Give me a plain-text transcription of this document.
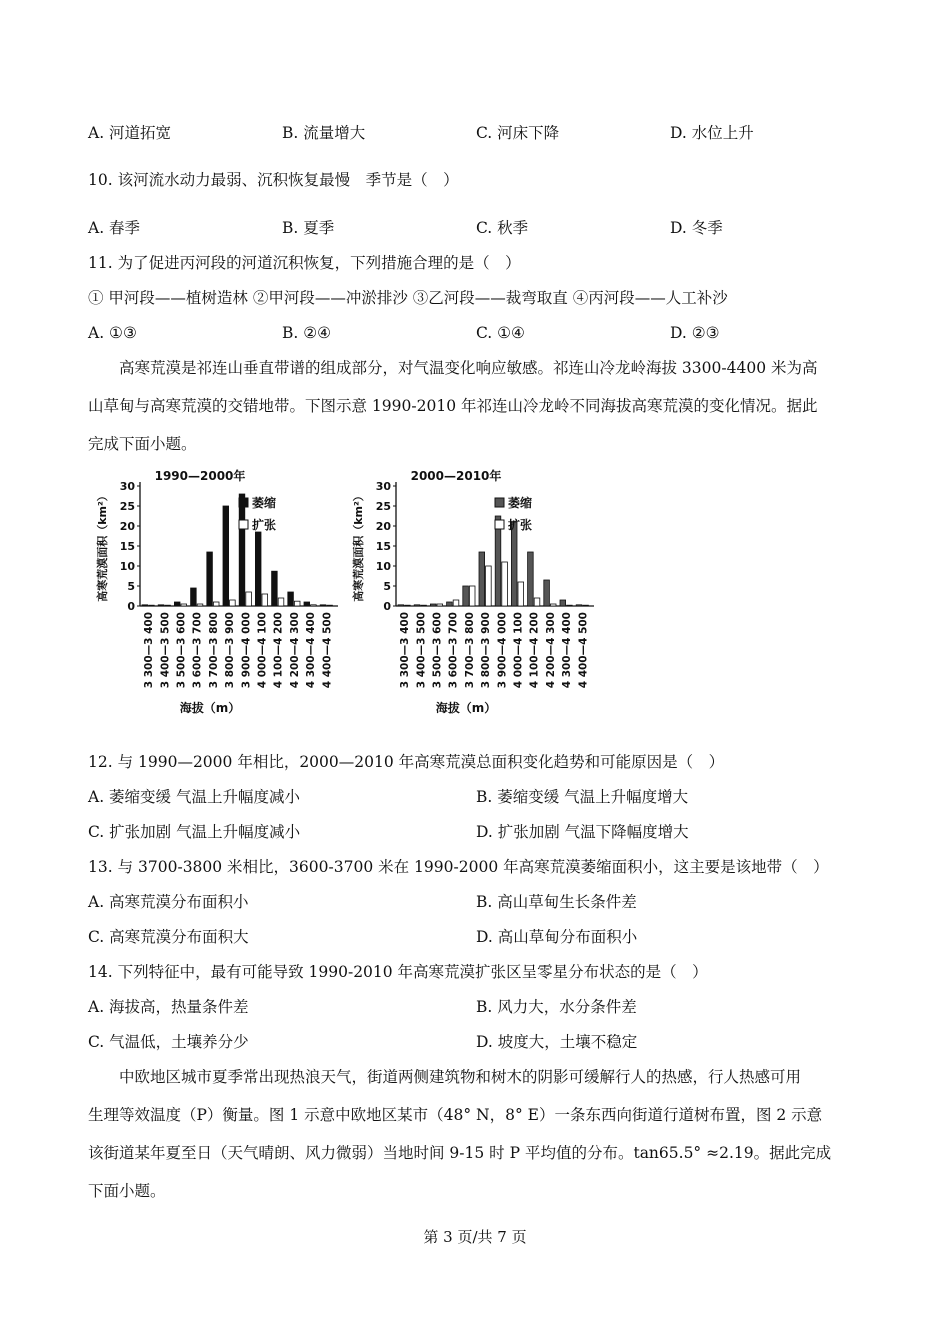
A. 河道拓宽	B. 流量增大	C. 河床下降	D. 水位上升
10. 该河流水动力最弱、沉积恢复最慢　季节是（　）
A. 春季	B. 夏季	C. 秋季	D. 冬季
11. 为了促进丙河段的河道沉积恢复，下列措施合理的是（　）
① 甲河段——植树造林 ②甲河段——冲淤排沙 ③乙河段——裁弯取直 ④丙河段——人工补沙
A. ①③	B. ②④	C. ①④	D. ②③
高寒荒漠是祁连山垂直带谱的组成部分，对气温变化响应敏感。祁连山冷龙岭海拔 3300-4400 米为高
山草甸与高寒荒漠的交错地带。下图示意 1990-2010 年祁连山冷龙岭不同海拔高寒荒漠的变化情况。据此
完成下面小题。
1990—2000年
高寒荒漠面积（km²）
0
5
10
15
20
25
30
3 300—3 400 3 400—3 500 3 500—3 600 3 600—3 700 3 700—3 800 3 800—3 900 3 900—4 000 4 000—4 100 4 100—4 200 4 200—4 300 4 300—4 400 4 400—4 500
萎缩
扩张
海拔（m）
2000—2010年
高寒荒漠面积（km²）
0
5
10
15
20
25
30
3 300—3 400 3 400—3 500 3 500—3 600 3 600—3 700 3 700—3 800 3 800—3 900 3 900—4 000 4 000—4 100 4 100—4 200 4 200—4 300 4 300—4 400 4 400—4 500
萎缩
扩张
海拔（m）
12. 与 1990—2000 年相比，2000—2010 年高寒荒漠总面积变化趋势和可能原因是（　）
A. 萎缩变缓 气温上升幅度减小	B. 萎缩变缓 气温上升幅度增大
C. 扩张加剧 气温上升幅度减小	D. 扩张加剧 气温下降幅度增大
13. 与 3700-3800 米相比，3600-3700 米在 1990-2000 年高寒荒漠萎缩面积小，这主要是该地带（　）
A. 高寒荒漠分布面积小	B. 高山草甸生长条件差
C. 高寒荒漠分布面积大	D. 高山草甸分布面积小
14. 下列特征中，最有可能导致 1990-2010 年高寒荒漠扩张区呈零星分布状态的是（　）
A. 海拔高，热量条件差	B. 风力大，水分条件差
C. 气温低，土壤养分少	D. 坡度大，土壤不稳定
中欧地区城市夏季常出现热浪天气，街道两侧建筑物和树木的阴影可缓解行人的热感，行人热感可用
生理等效温度（P）衡量。图 1 示意中欧地区某市（48° N，8° E）一条东西向街道行道树布置，图 2 示意
该街道某年夏至日（天气晴朗、风力微弱）当地时间 9-15 时 P 平均值的分布。tan65.5° ≈2.19。据此完成
下面小题。
第 3 页/共 7 页
